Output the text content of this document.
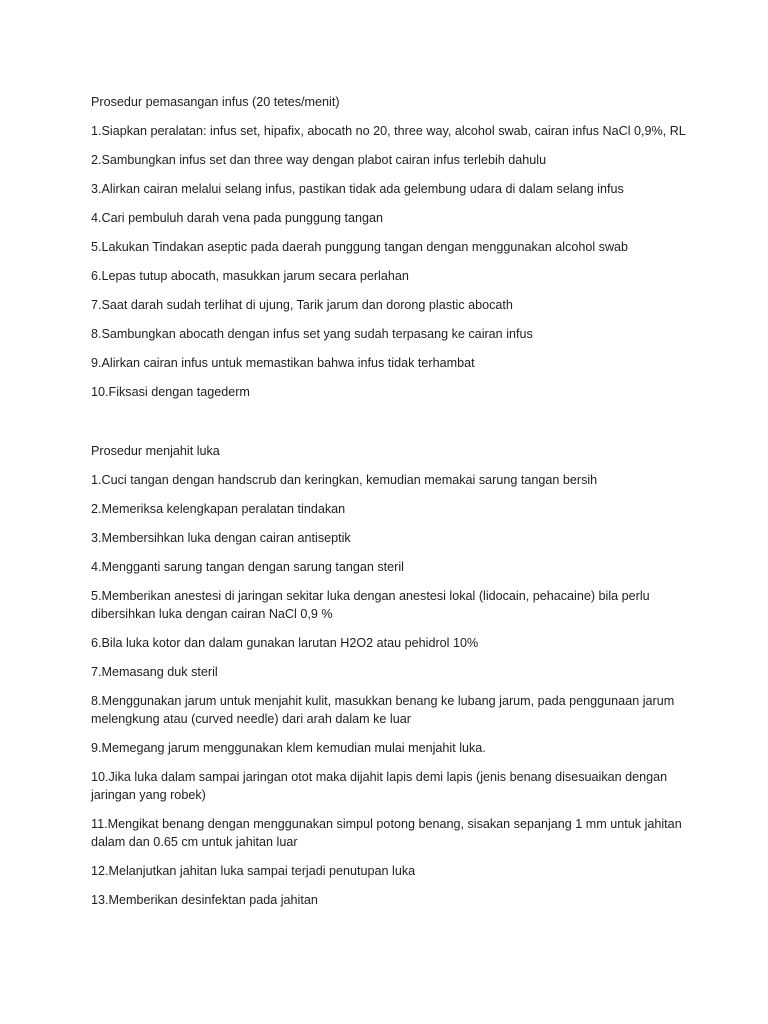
Prosedur pemasangan infus (20 tetes/menit)

1.Siapkan peralatan: infus set, hipafix, abocath no 20, three way, alcohol swab, cairan infus NaCl 0,9%, RL

2.Sambungkan infus set dan three way dengan plabot cairan infus terlebih dahulu

3.Alirkan cairan melalui selang infus, pastikan tidak ada gelembung udara di dalam selang infus

4.Cari pembuluh darah vena pada punggung tangan

5.Lakukan Tindakan aseptic pada daerah punggung tangan dengan menggunakan alcohol swab

6.Lepas tutup abocath, masukkan jarum secara perlahan

7.Saat darah sudah terlihat di ujung, Tarik jarum dan dorong plastic abocath

8.Sambungkan abocath dengan infus set yang sudah terpasang ke cairan infus

9.Alirkan cairan infus untuk memastikan bahwa infus tidak terhambat

10.Fiksasi dengan tagederm

Prosedur menjahit luka

1.Cuci tangan dengan handscrub dan keringkan, kemudian memakai sarung tangan bersih

2.Memeriksa kelengkapan peralatan tindakan

3.Membersihkan luka dengan cairan antiseptik

4.Mengganti sarung tangan dengan sarung tangan steril

5.Memberikan anestesi di jaringan sekitar luka dengan anestesi lokal (lidocain, pehacaine) bila perlu dibersihkan luka dengan cairan NaCl 0,9 %

6.Bila luka kotor dan dalam gunakan larutan H2O2 atau pehidrol 10%

7.Memasang duk steril

8.Menggunakan jarum untuk menjahit kulit, masukkan benang ke lubang jarum, pada penggunaan jarum melengkung atau (curved needle) dari arah dalam ke luar

9.Memegang jarum menggunakan klem kemudian mulai menjahit luka.

10.Jika luka dalam sampai jaringan otot maka dijahit lapis demi lapis (jenis benang disesuaikan dengan jaringan yang robek)

11.Mengikat benang dengan menggunakan simpul potong benang, sisakan sepanjang 1 mm untuk jahitan dalam dan 0.65 cm untuk jahitan luar

12.Melanjutkan jahitan luka sampai terjadi penutupan luka

13.Memberikan desinfektan pada jahitan
